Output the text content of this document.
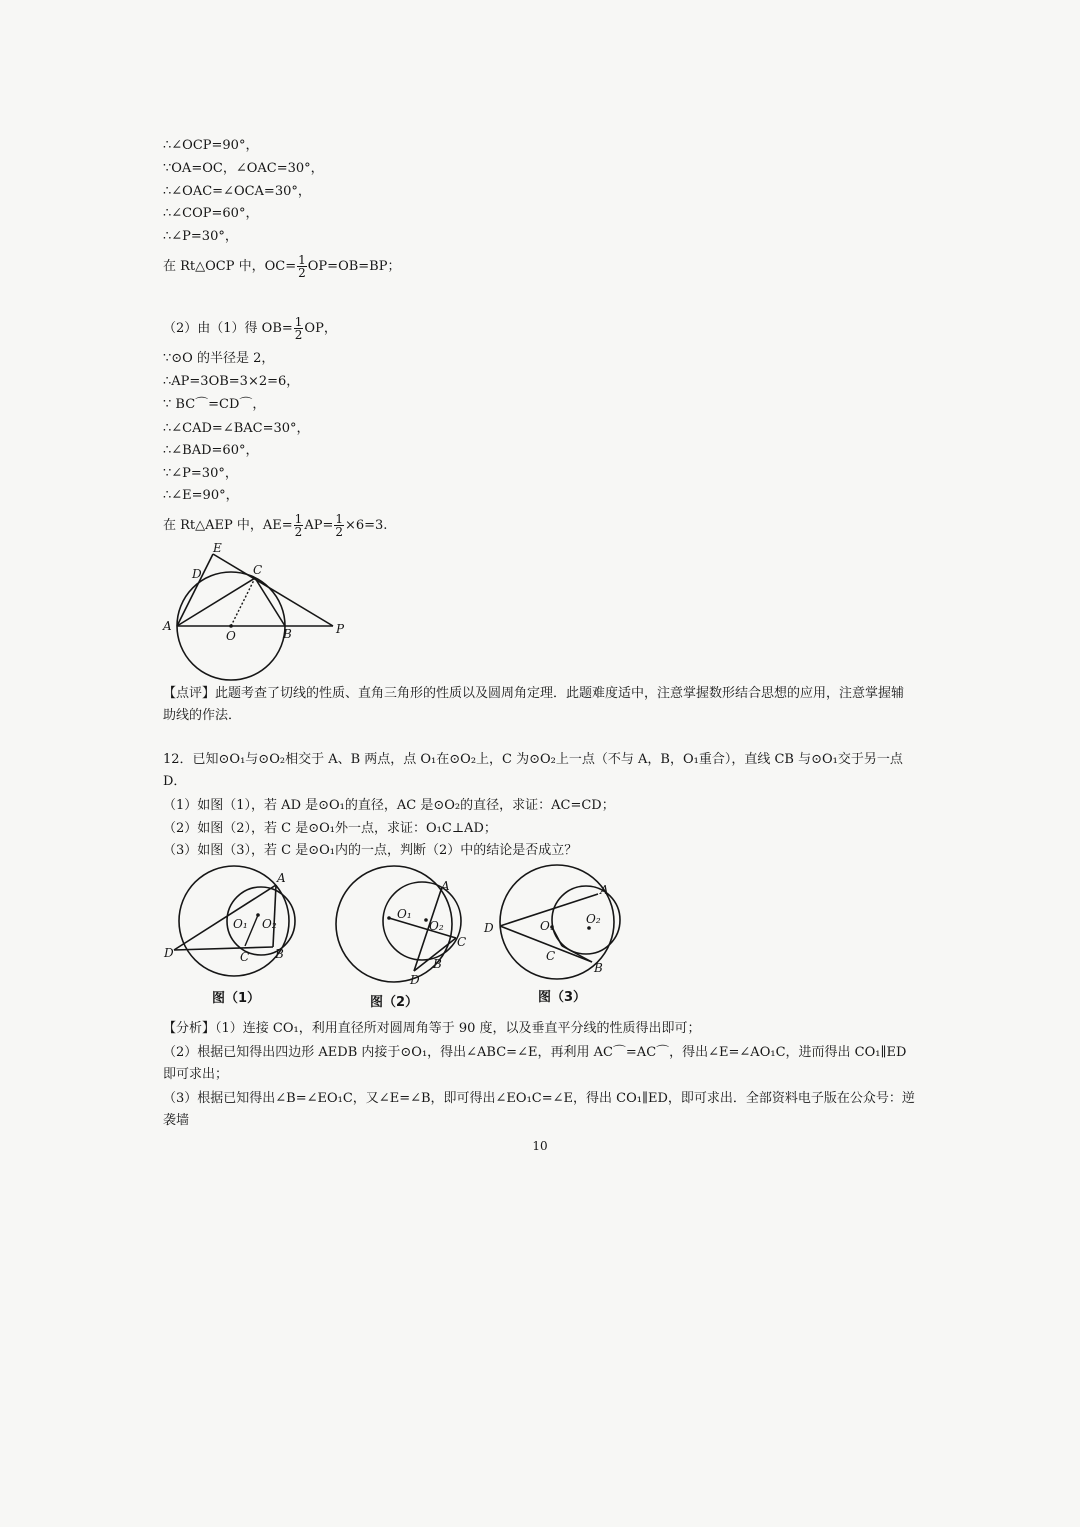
∴∠OCP=90°，
∵OA=OC，∠OAC=30°，
∴∠OAC=∠OCA=30°，
∴∠COP=60°，
∴∠P=30°，
在 Rt△OCP 中，$OC= \frac{1}{2} OP=OB=BP$；
（2）由（1）得 $OB= \frac{1}{2}$ OP，
∵⊙O 的半径是 2，
∴AP=3OB=3×2=6，
∵ BC⌒=CD⌒，
∴∠CAD=∠BAC=30°，
∴∠BAD=60°，
∵∠P=30°，
∴∠E=90°，
在 Rt△AEP 中，$AE= \frac{1}{2} AP= \frac{1}{2} \times 6=3$.
E
D	C
A
O	B	P
【点评】此题考查了切线的性质、直角三角形的性质以及圆周角定理．此题难度适中，注意掌握数形结合思想的应用，注意掌握辅助线的作法．
12．已知⊙O₁与⊙O₂相交于 A、B 两点，点 O₁在⊙O₂上，C 为⊙O₂上一点（不与 A，B，O₁重合），直线 CB 与⊙O₁交于另一点 D．
（1）如图（1），若 AD 是⊙O₁的直径，AC 是⊙O₂的直径，求证：AC=CD；
（2）如图（2），若 C 是⊙O₁外一点，求证：O₁C⊥AD；
（3）如图（3），若 C 是⊙O₁内的一点，判断（2）中的结论是否成立？
A
D	C B
O₁ O₂
图（1）
A
O₁
O₂
C
B
D
图（2）
A
D	O₁	O₂
C
B
图（3）
【分析】（1）连接 CO₁，利用直径所对圆周角等于 90 度，以及垂直平分线的性质得出即可；
（2）根据已知得出四边形 AEDB 内接于⊙O₁，得出∠ABC=∠E，再利用 AC⌒=AC⌒，得出∠E=∠AO₁C，进而得出 CO₁∥ED 即可求出；
（3）根据已知得出∠B=∠EO₁C，又∠E=∠B，即可得出∠EO₁C=∠E，得出 CO₁∥ED，即可求出．全部资料电子版在公众号：逆袭墙
10
